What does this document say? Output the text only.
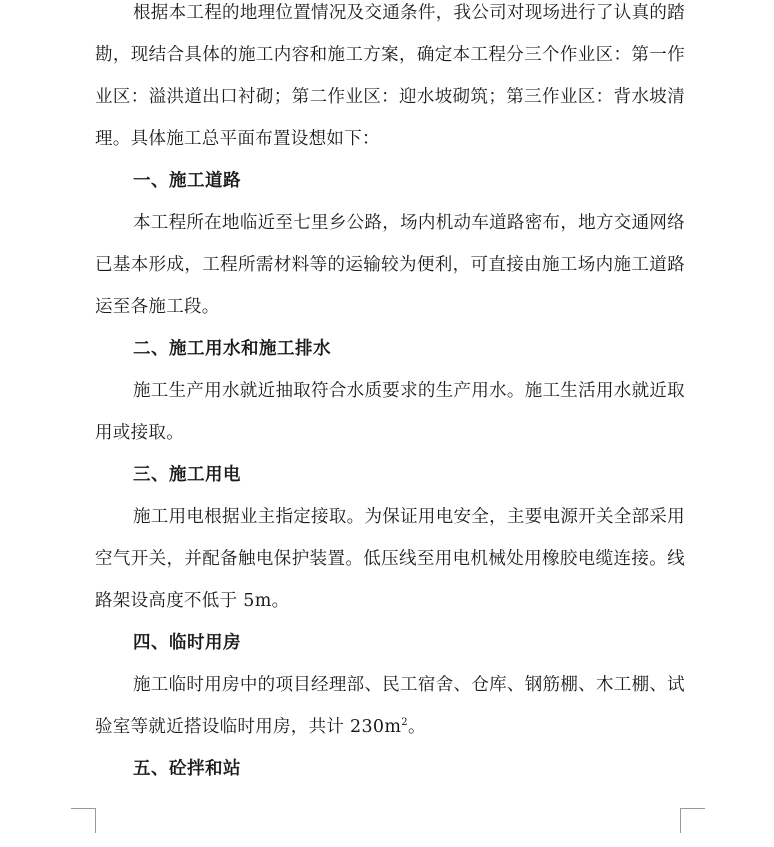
根据本工程的地理位置情况及交通条件，我公司对现场进行了认真的踏勘，现结合具体的施工内容和施工方案，确定本工程分三个作业区：第一作业区：溢洪道出口衬砌；第二作业区：迎水坡砌筑；第三作业区：背水坡清理。具体施工总平面布置设想如下：

一、施工道路

本工程所在地临近至七里乡公路，场内机动车道路密布，地方交通网络已基本形成，工程所需材料等的运输较为便利，可直接由施工场内施工道路运至各施工段。

二、施工用水和施工排水

施工生产用水就近抽取符合水质要求的生产用水。施工生活用水就近取用或接取。

三、施工用电

施工用电根据业主指定接取。为保证用电安全，主要电源开关全部采用空气开关，并配备触电保护装置。低压线至用电机械处用橡胶电缆连接。线路架设高度不低于 5m。

四、临时用房

施工临时用房中的项目经理部、民工宿舍、仓库、钢筋棚、木工棚、试验室等就近搭设临时用房，共计 $230m^2$。

五、砼拌和站
